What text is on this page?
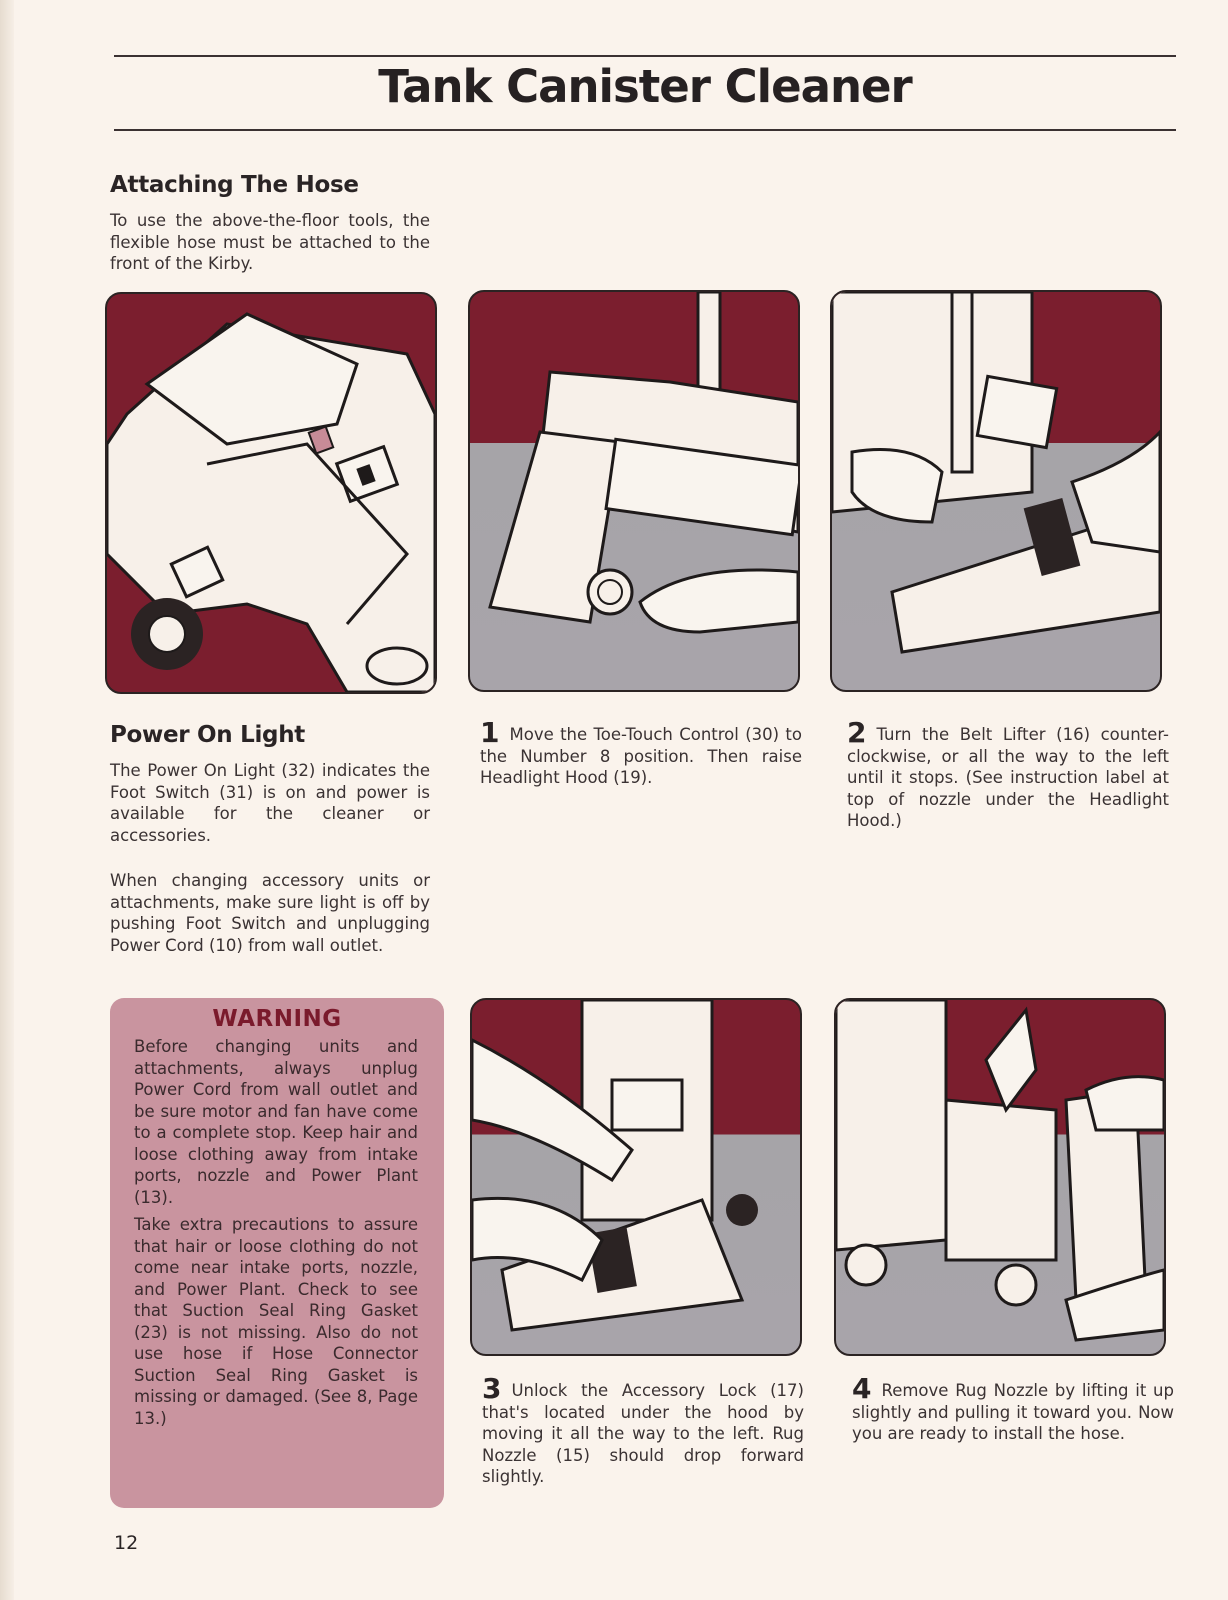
Tank Canister Cleaner
Attaching The Hose
To use the above-the-floor tools, the flexible hose must be attached to the front of the Kirby.
Power On Light
The Power On Light (32) indicates the Foot Switch (31) is on and power is available for the cleaner or accessories.
When changing accessory units or attachments, make sure light is off by pushing Foot Switch and unplugging Power Cord (10) from wall outlet.
1 Move the Toe-Touch Control (30) to the Number 8 position. Then raise Headlight Hood (19).
2 Turn the Belt Lifter (16) counter-clockwise, or all the way to the left until it stops. (See instruction label at top of nozzle under the Headlight Hood.)
WARNING

Before changing units and attachments, always unplug Power Cord from wall outlet and be sure motor and fan have come to a complete stop. Keep hair and loose clothing away from intake ports, nozzle and Power Plant (13).

Take extra precautions to assure that hair or loose clothing do not come near intake ports, nozzle, and Power Plant. Check to see that Suction Seal Ring Gasket (23) is not missing. Also do not use hose if Hose Connector Suction Seal Ring Gasket is missing or damaged. (See 8, Page 13.)

3 Unlock the Accessory Lock (17) that's located under the hood by moving it all the way to the left. Rug Nozzle (15) should drop forward slightly.
4 Remove Rug Nozzle by lifting it up slightly and pulling it toward you. Now you are ready to install the hose.
12
